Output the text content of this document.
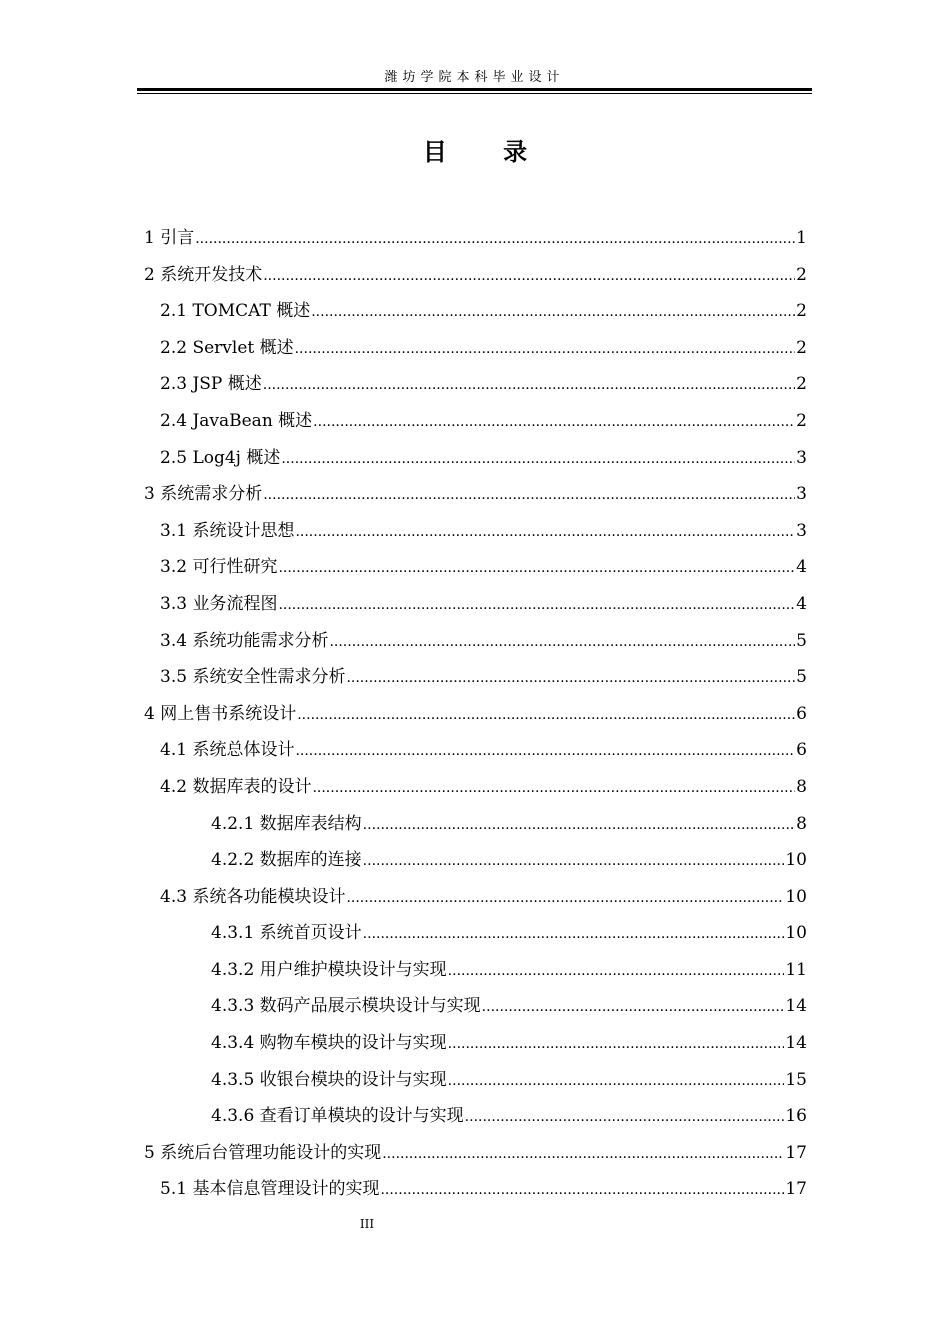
潍坊学院本科毕业设计
目 录
1 引言 .....	1
2 系统开发技术 .....	2
2.1 TOMCAT 概述 .....	2
2.2 Servlet 概述 .....	2
2.3 JSP 概述 .....	2
2.4 JavaBean 概述 .....	2
2.5 Log4j 概述 .....	3
3 系统需求分析 .....	3
3.1 系统设计思想 .....	3
3.2 可行性研究 .....	4
3.3 业务流程图 .....	4
3.4 系统功能需求分析 .....	5
3.5 系统安全性需求分析 .....	5
4 网上售书系统设计 .....	6
4.1 系统总体设计 .....	6
4.2 数据库表的设计 .....	8
4.2.1 数据库表结构 .....	8
4.2.2 数据库的连接 .....	10
4.3 系统各功能模块设计 .....	10
4.3.1 系统首页设计 .....	10
4.3.2 用户维护模块设计与实现 .....	11
4.3.3 数码产品展示模块设计与实现 .....	14
4.3.4 购物车模块的设计与实现 .....	14
4.3.5 收银台模块的设计与实现 .....	15
4.3.6 查看订单模块的设计与实现 .....	16
5 系统后台管理功能设计的实现 .....	17
5.1 基本信息管理设计的实现 .....	17
III
